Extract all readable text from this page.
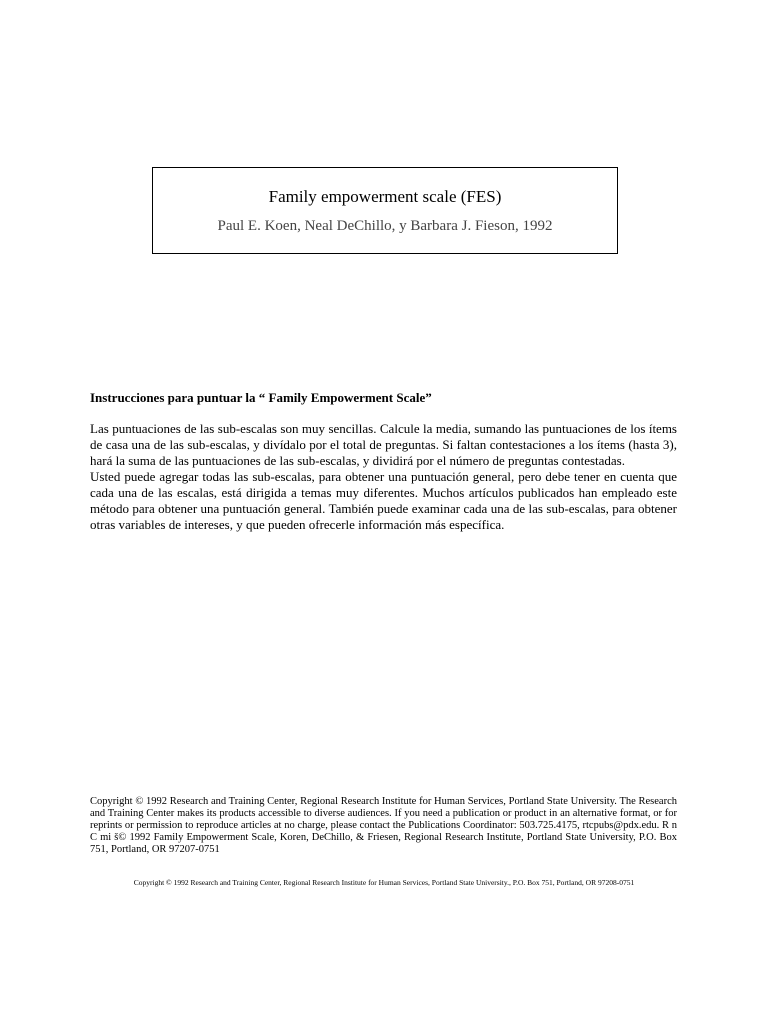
Family empowerment scale (FES)
Paul E. Koen, Neal DeChillo, y Barbara J. Fieson, 1992

Instrucciones para puntuar la “ Family Empowerment Scale”

Las puntuaciones de las sub-escalas son muy sencillas. Calcule la media, sumando las puntuaciones de los ítems de casa una de las sub-escalas, y divídalo por el total de preguntas. Si faltan contestaciones a los ítems (hasta 3), hará la suma de las puntuaciones de las sub-escalas, y dividirá por el número de preguntas contestadas.

Usted puede agregar todas las sub-escalas, para obtener una puntuación general, pero debe tener en cuenta que cada una de las escalas, está dirigida a temas muy diferentes. Muchos artículos publicados han empleado este método para obtener una puntuación general. También puede examinar cada una de las sub-escalas, para obtener otras variables de intereses, y que pueden ofrecerle información más específica.

Copyright © 1992 Research and Training Center, Regional Research Institute for Human Services, Portland State University. The Research and Training Center makes its products accessible to diverse audiences. If you need a publication or product in an alternative format, or for reprints or permission to reproduce articles at no charge, please contact the Publications Coordinator: 503.725.4175, rtcpubs@pdx.edu. R n C mi š© 1992 Family Empowerment Scale, Koren, DeChillo, & Friesen, Regional Research Institute, Portland State University, P.O. Box 751, Portland, OR 97207-0751

Copyright © 1992 Research and Training Center, Regional Research Institute for Human Services, Portland State University., P.O. Box 751, Portland, OR 97208-0751
